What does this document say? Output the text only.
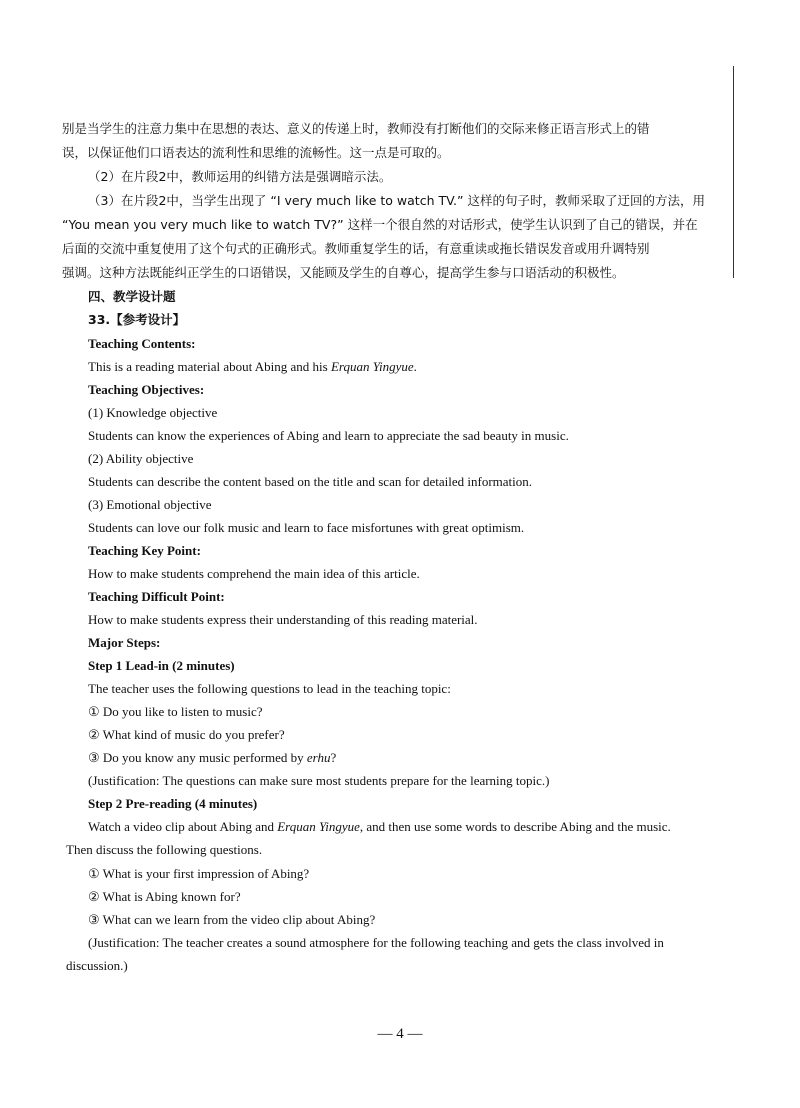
别是当学生的注意力集中在思想的表达、意义的传递上时，教师没有打断他们的交际来修正语言形式上的错
误，以保证他们口语表达的流利性和思维的流畅性。这一点是可取的。
（2）在片段2中，教师运用的纠错方法是强调暗示法。
（3）在片段2中，当学生出现了 “I very much like to watch TV.” 这样的句子时，教师采取了迂回的方法，用
“You mean you very much like to watch TV?” 这样一个很自然的对话形式，使学生认识到了自己的错误，并在
后面的交流中重复使用了这个句式的正确形式。教师重复学生的话，有意重读或拖长错误发音或用升调特别
强调。这种方法既能纠正学生的口语错误，又能顾及学生的自尊心，提高学生参与口语活动的积极性。
四、教学设计题
33.【参考设计】
Teaching Contents:
This is a reading material about Abing and his Erquan Yingyue.
Teaching Objectives:
(1) Knowledge objective
Students can know the experiences of Abing and learn to appreciate the sad beauty in music.
(2) Ability objective
Students can describe the content based on the title and scan for detailed information.
(3) Emotional objective
Students can love our folk music and learn to face misfortunes with great optimism.
Teaching Key Point:
How to make students comprehend the main idea of this article.
Teaching Difficult Point:
How to make students express their understanding of this reading material.
Major Steps:
Step 1 Lead-in (2 minutes)
The teacher uses the following questions to lead in the teaching topic:
① Do you like to listen to music?
② What kind of music do you prefer?
③ Do you know any music performed by erhu?
(Justification: The questions can make sure most students prepare for the learning topic.)
Step 2 Pre-reading (4 minutes)
Watch a video clip about Abing and Erquan Yingyue, and then use some words to describe Abing and the music.
Then discuss the following questions.
① What is your first impression of Abing?
② What is Abing known for?
③ What can we learn from the video clip about Abing?
(Justification: The teacher creates a sound atmosphere for the following teaching and gets the class involved in
discussion.)
— 4 —
